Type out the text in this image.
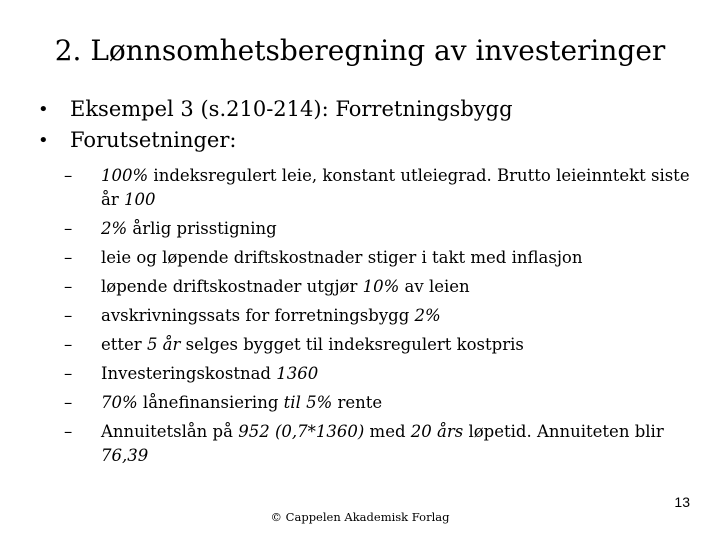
2. Lønnsomhetsberegning av investeringer
•	Eksempel 3 (s.210-214): Forretningsbygg
•	Forutsetninger:
–	100% indeksregulert leie, konstant utleiegrad. Brutto leieinntekt siste år 100
–	2% årlig prisstigning
–	leie og løpende driftskostnader stiger i takt med inflasjon
–	løpende driftskostnader utgjør 10% av leien
–	avskrivningssats for forretningsbygg 2%
–	etter 5 år selges bygget til indeksregulert kostpris
–	Investeringskostnad 1360
–	70% lånefinansiering til 5% rente
–	Annuitetslån på 952 (0,7*1360) med 20 års løpetid. Annuiteten blir 76,39
13
© Cappelen Akademisk Forlag
